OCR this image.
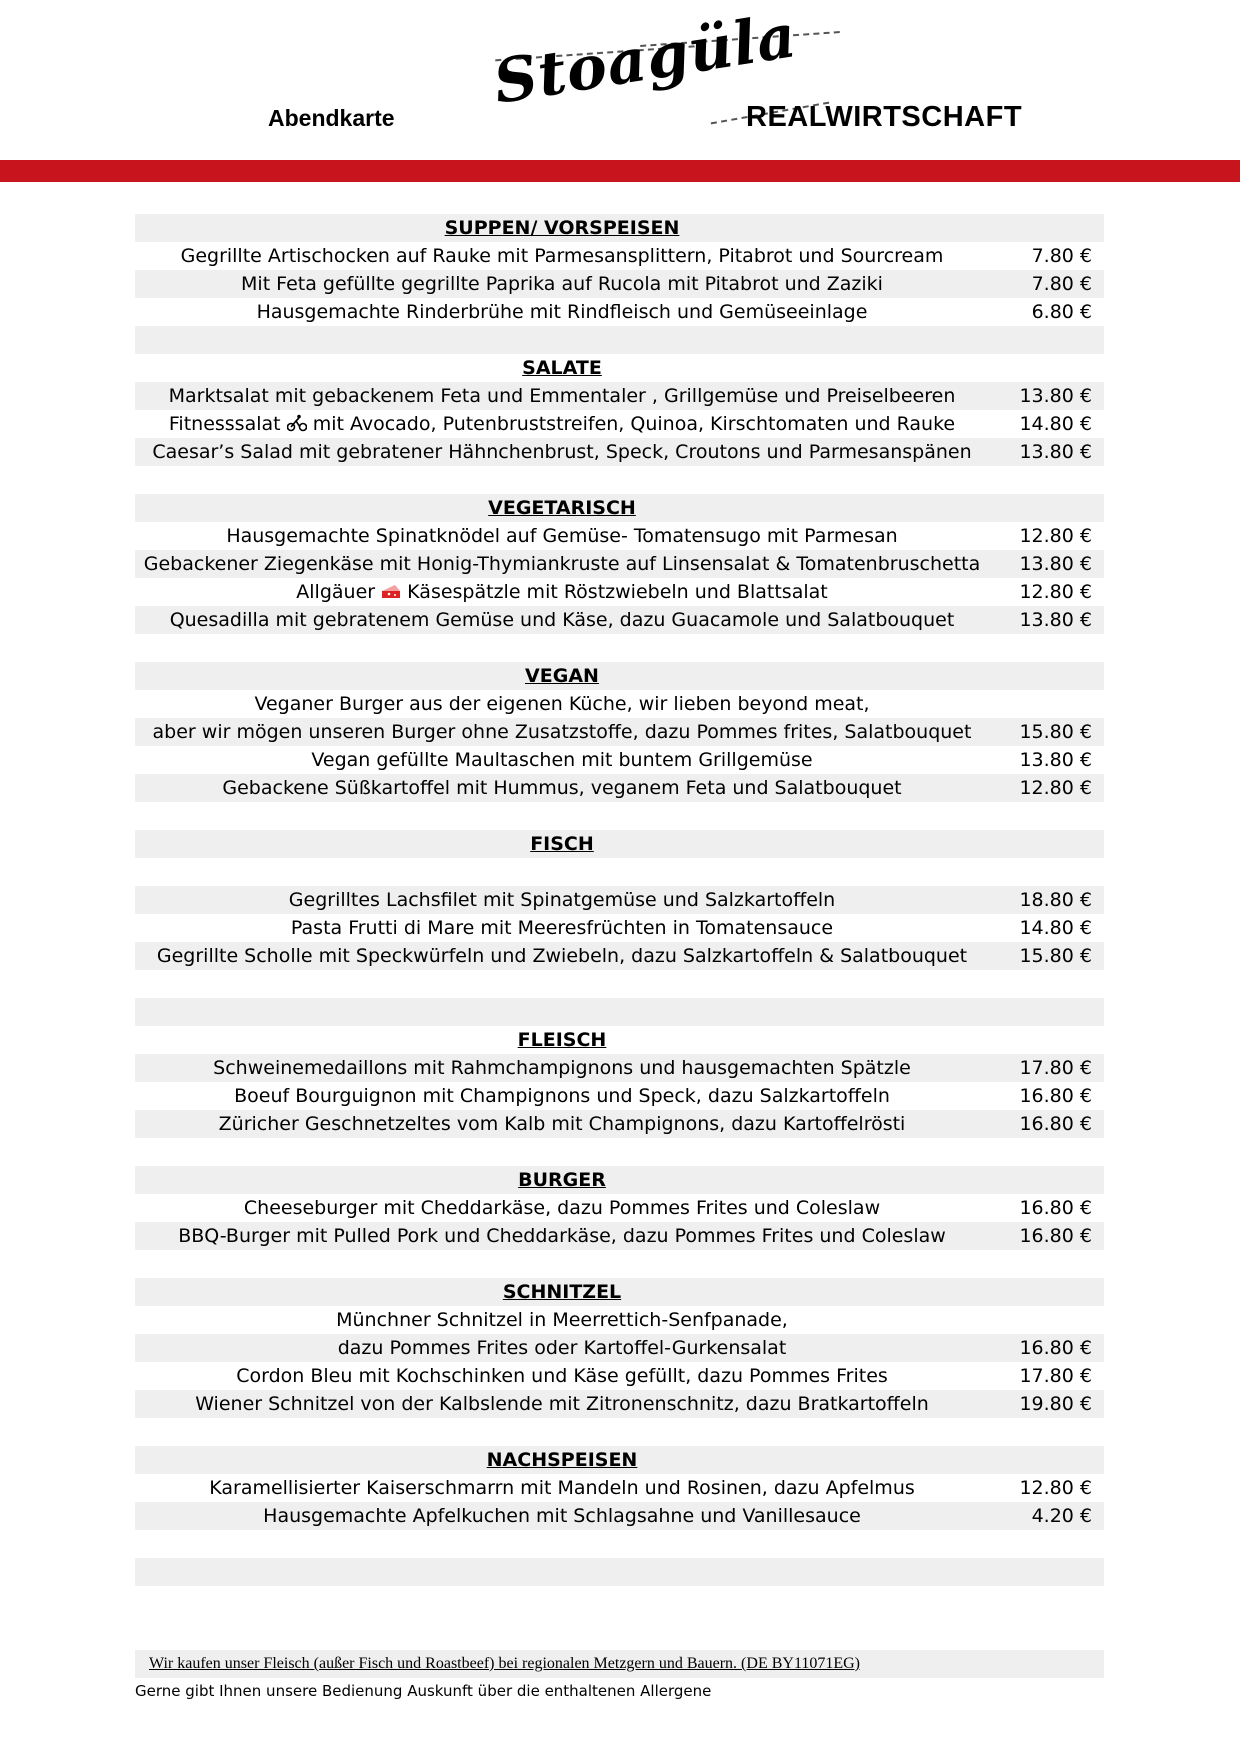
Abendkarte Stoagüla
REALWIRTSCHAFT
SUPPEN/ VORSPEISEN
Gegrillte Artischocken auf Rauke mit Parmesansplittern, Pitabrot und Sourcream	7.80 €
Mit Feta gefüllte gegrillte Paprika auf Rucola mit Pitabrot und Zaziki	7.80 €
Hausgemachte Rinderbrühe mit Rindfleisch und Gemüseeinlage	6.80 €
SALATE
Marktsalat mit gebackenem Feta und Emmentaler , Grillgemüse und Preiselbeeren	13.80 €
Fitnesssalat mit Avocado, Putenbruststreifen, Quinoa, Kirschtomaten und Rauke	14.80 €
Caesar’s Salad mit gebratener Hähnchenbrust, Speck, Croutons und Parmesanspänen	13.80 €
VEGETARISCH
Hausgemachte Spinatknödel auf Gemüse- Tomatensugo mit Parmesan	12.80 €
Gebackener Ziegenkäse mit Honig-Thymiankruste auf Linsensalat & Tomatenbruschetta	13.80 €
Allgäuer Käsespätzle mit Röstzwiebeln und Blattsalat	12.80 €
Quesadilla mit gebratenem Gemüse und Käse, dazu Guacamole und Salatbouquet	13.80 €
VEGAN
Veganer Burger aus der eigenen Küche, wir lieben beyond meat,
aber wir mögen unseren Burger ohne Zusatzstoffe, dazu Pommes frites, Salatbouquet	15.80 €
Vegan gefüllte Maultaschen mit buntem Grillgemüse	13.80 €
Gebackene Süßkartoffel mit Hummus, veganem Feta und Salatbouquet	12.80 €
FISCH
Gegrilltes Lachsfilet mit Spinatgemüse und Salzkartoffeln	18.80 €
Pasta Frutti di Mare mit Meeresfrüchten in Tomatensauce	14.80 €
Gegrillte Scholle mit Speckwürfeln und Zwiebeln, dazu Salzkartoffeln & Salatbouquet	15.80 €
FLEISCH
Schweinemedaillons mit Rahmchampignons und hausgemachten Spätzle	17.80 €
Boeuf Bourguignon mit Champignons und Speck, dazu Salzkartoffeln	16.80 €
Züricher Geschnetzeltes vom Kalb mit Champignons, dazu Kartoffelrösti	16.80 €
BURGER
Cheeseburger mit Cheddarkäse, dazu Pommes Frites und Coleslaw	16.80 €
BBQ-Burger mit Pulled Pork und Cheddarkäse, dazu Pommes Frites und Coleslaw	16.80 €
SCHNITZEL
Münchner Schnitzel in Meerrettich-Senfpanade,
dazu Pommes Frites oder Kartoffel-Gurkensalat	16.80 €
Cordon Bleu mit Kochschinken und Käse gefüllt, dazu Pommes Frites	17.80 €
Wiener Schnitzel von der Kalbslende mit Zitronenschnitz, dazu Bratkartoffeln	19.80 €
NACHSPEISEN
Karamellisierter Kaiserschmarrn mit Mandeln und Rosinen, dazu Apfelmus	12.80 €
Hausgemachte Apfelkuchen mit Schlagsahne und Vanillesauce	4.20 €
Wir kaufen unser Fleisch (außer Fisch und Roastbeef) bei regionalen Metzgern und Bauern. (DE BY11071EG)
Gerne gibt Ihnen unsere Bedienung Auskunft über die enthaltenen Allergene
